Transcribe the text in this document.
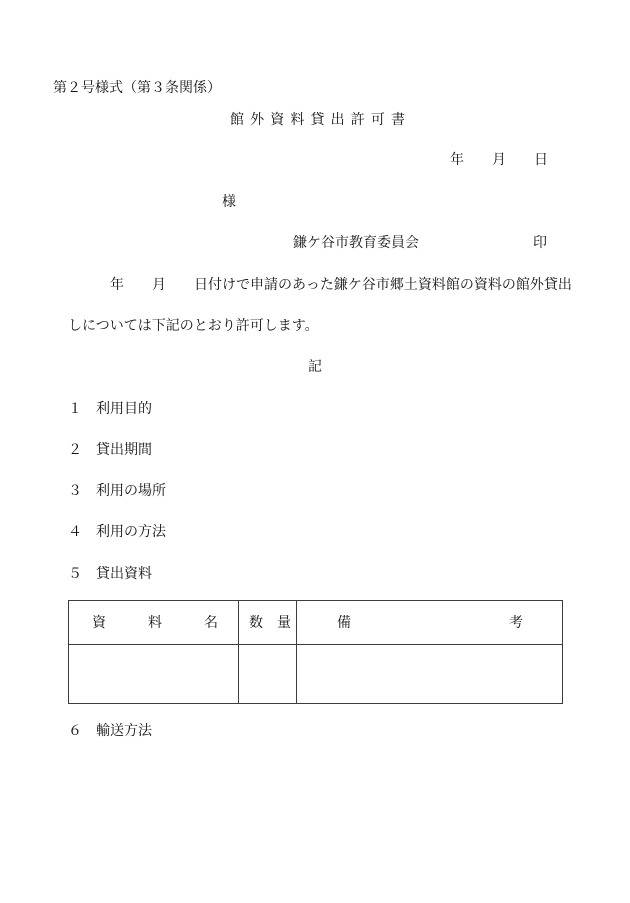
第２号様式（第３条関係）
館 外 資 料 貸 出 許 可 書
年　　月　　日
様
鎌ケ谷市教育委員会	印
年　　月　　日付けで申請のあった鎌ケ谷市郷土資料館の資料の館外貸出
しについては下記のとおり許可します。
記
１	利用目的
２	貸出期間
３	利用の場所
４	利用の方法
５	貸出資料
資 料 名	数 量	備 考

６	輸送方法
